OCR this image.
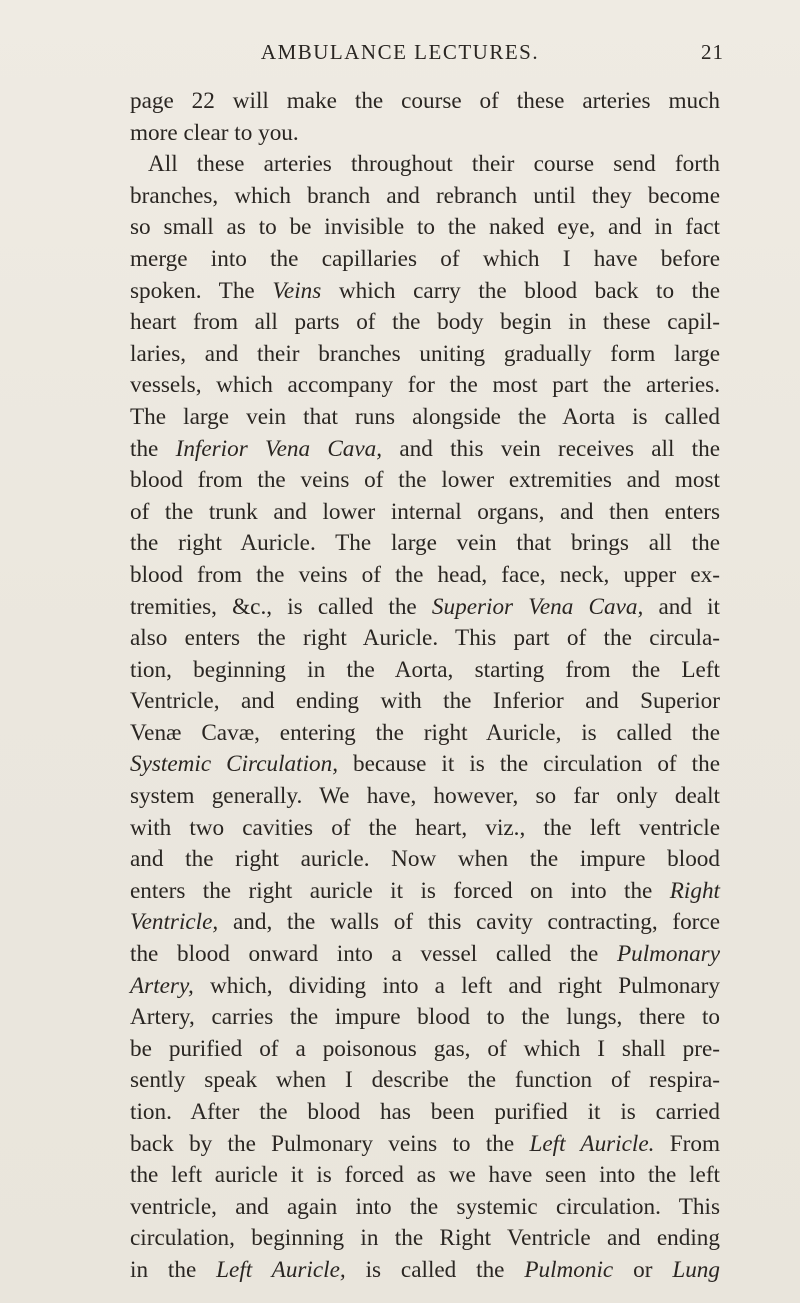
AMBULANCE LECTURES.	21
page 22 will make the course of these arteries much
more clear to you.
All these arteries throughout their course send forth
branches, which branch and rebranch until they become
so small as to be invisible to the naked eye, and in fact
merge into the capillaries of which I have before
spoken. The Veins which carry the blood back to the
heart from all parts of the body begin in these capil-
laries, and their branches uniting gradually form large
vessels, which accompany for the most part the arteries.
The large vein that runs alongside the Aorta is called
the Inferior Vena Cava, and this vein receives all the
blood from the veins of the lower extremities and most
of the trunk and lower internal organs, and then enters
the right Auricle. The large vein that brings all the
blood from the veins of the head, face, neck, upper ex-
tremities, &c., is called the Superior Vena Cava, and it
also enters the right Auricle. This part of the circula-
tion, beginning in the Aorta, starting from the Left
Ventricle, and ending with the Inferior and Superior
Venæ Cavæ, entering the right Auricle, is called the
Systemic Circulation, because it is the circulation of the
system generally. We have, however, so far only dealt
with two cavities of the heart, viz., the left ventricle
and the right auricle. Now when the impure blood
enters the right auricle it is forced on into the Right
Ventricle, and, the walls of this cavity contracting, force
the blood onward into a vessel called the Pulmonary
Artery, which, dividing into a left and right Pulmonary
Artery, carries the impure blood to the lungs, there to
be purified of a poisonous gas, of which I shall pre-
sently speak when I describe the function of respira-
tion. After the blood has been purified it is carried
back by the Pulmonary veins to the Left Auricle. From
the left auricle it is forced as we have seen into the left
ventricle, and again into the systemic circulation. This
circulation, beginning in the Right Ventricle and ending
in the Left Auricle, is called the Pulmonic or Lung
